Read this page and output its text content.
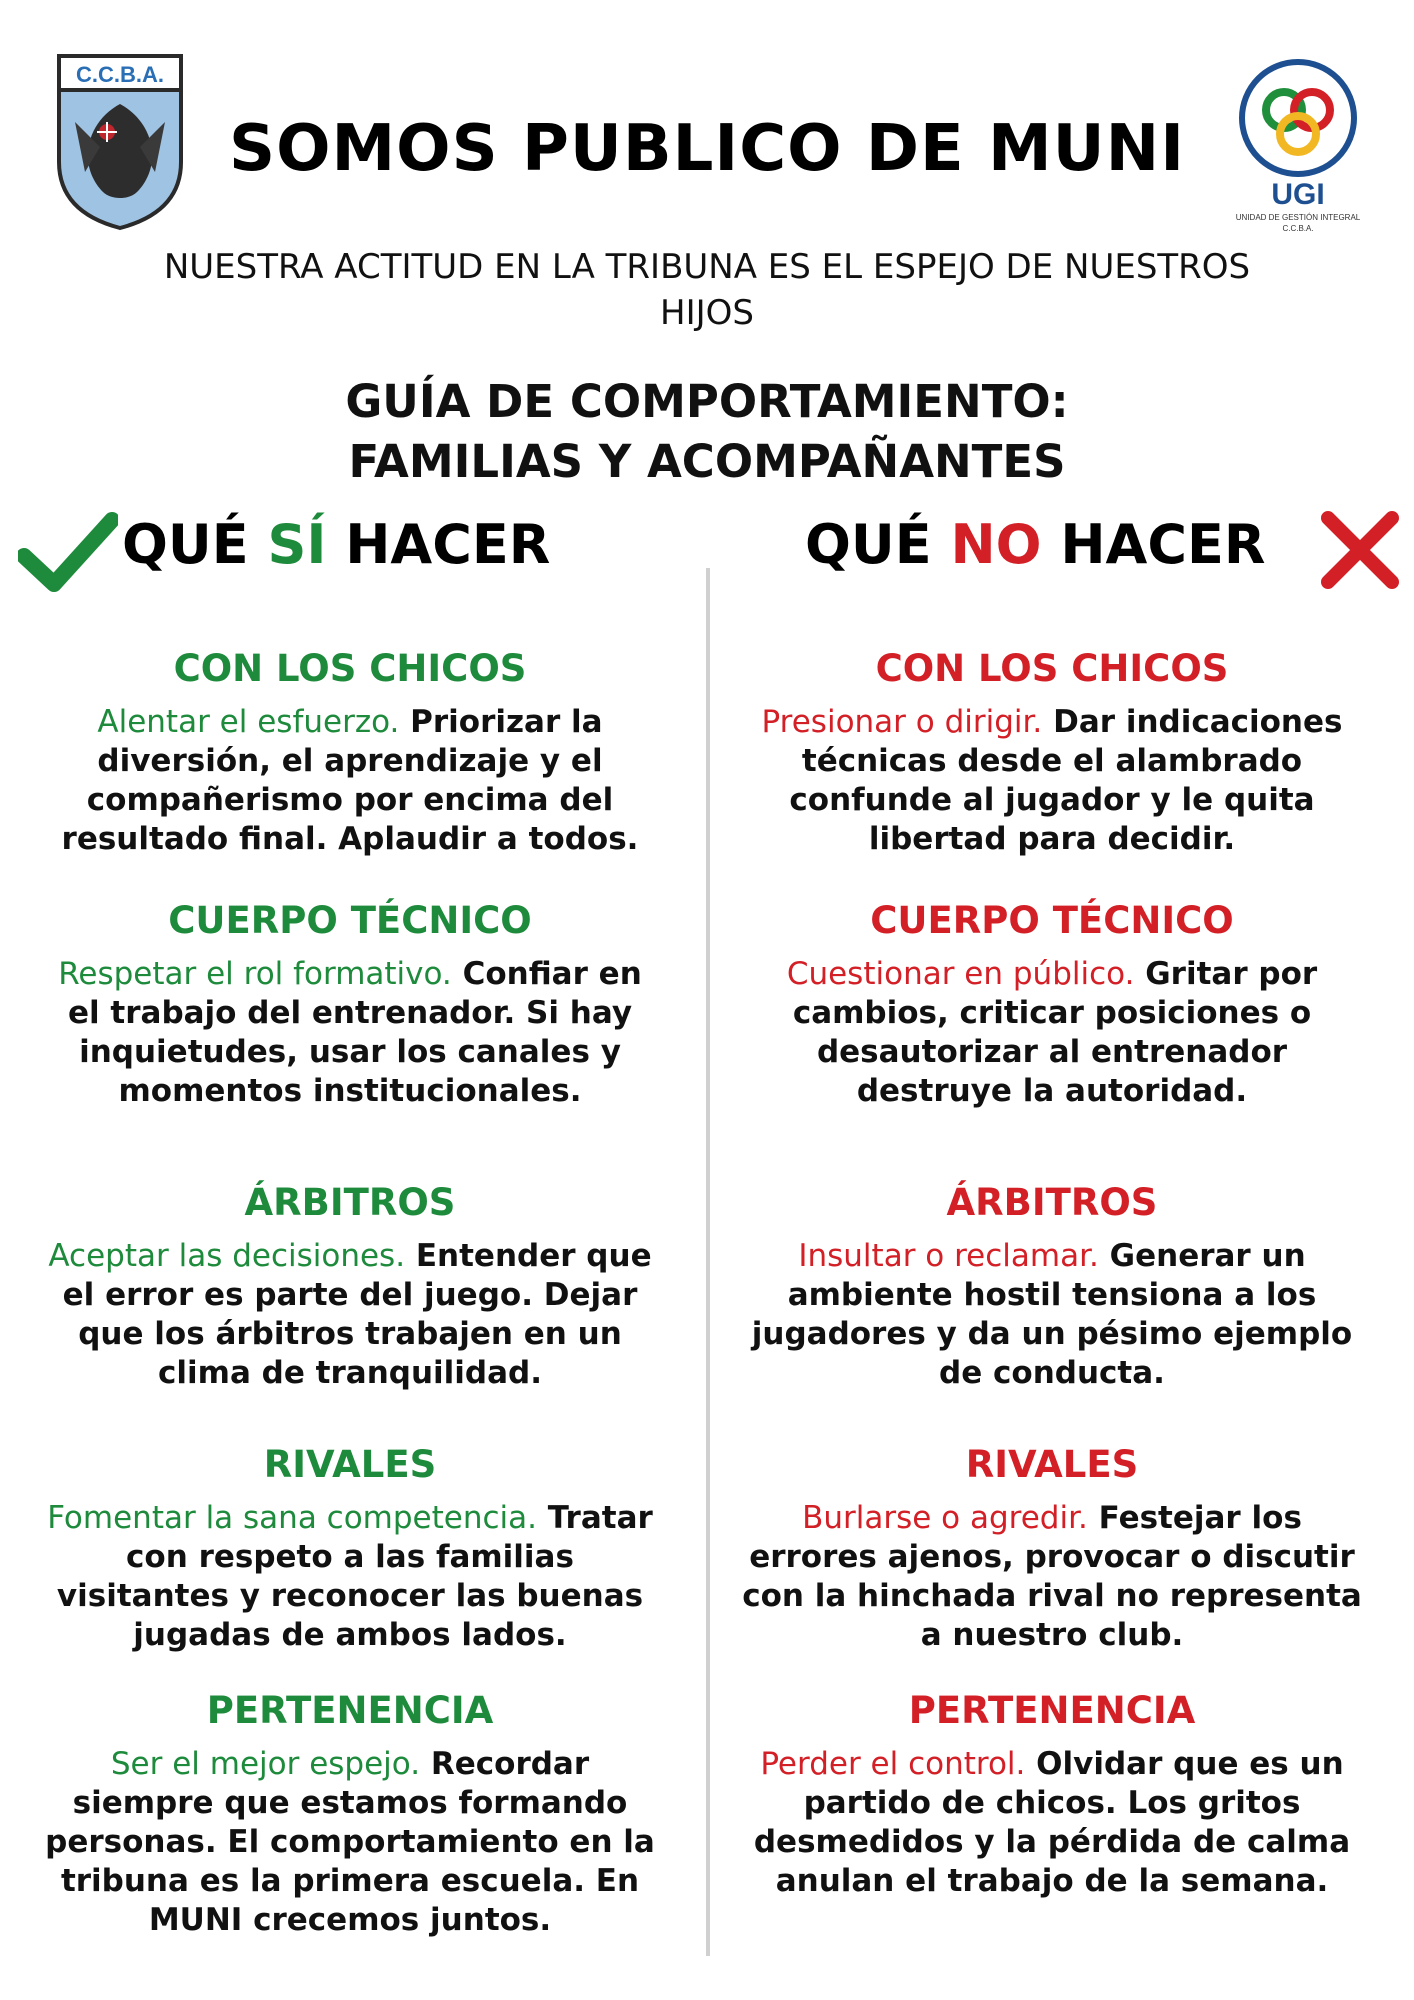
C.C.B.A.
UGI
UNIDAD DE GESTIÓN INTEGRAL
C.C.B.A.
SOMOS PUBLICO DE MUNI
NUESTRA ACTITUD EN LA TRIBUNA ES EL ESPEJO DE NUESTROS HIJOS
GUÍA DE COMPORTAMIENTO:
FAMILIAS Y ACOMPAÑANTES
QUÉ SÍ HACER	QUÉ NO HACER
CON LOS CHICOS
Alentar el esfuerzo. Priorizar la diversión, el aprendizaje y el compañerismo por encima del resultado final. Aplaudir a todos.
CUERPO TÉCNICO
Respetar el rol formativo. Confiar en el trabajo del entrenador. Si hay inquietudes, usar los canales y momentos institucionales.
ÁRBITROS
Aceptar las decisiones. Entender que el error es parte del juego. Dejar que los árbitros trabajen en un clima de tranquilidad.
RIVALES
Fomentar la sana competencia. Tratar con respeto a las familias visitantes y reconocer las buenas jugadas de ambos lados.
PERTENENCIA
Ser el mejor espejo. Recordar siempre que estamos formando personas. El comportamiento en la tribuna es la primera escuela. En MUNI crecemos juntos.
CON LOS CHICOS
Presionar o dirigir. Dar indicaciones técnicas desde el alambrado confunde al jugador y le quita libertad para decidir.
CUERPO TÉCNICO
Cuestionar en público. Gritar por cambios, criticar posiciones o desautorizar al entrenador destruye la autoridad.
ÁRBITROS
Insultar o reclamar. Generar un ambiente hostil tensiona a los jugadores y da un pésimo ejemplo de conducta.
RIVALES
Burlarse o agredir. Festejar los errores ajenos, provocar o discutir con la hinchada rival no representa a nuestro club.
PERTENENCIA
Perder el control. Olvidar que es un partido de chicos. Los gritos desmedidos y la pérdida de calma anulan el trabajo de la semana.
